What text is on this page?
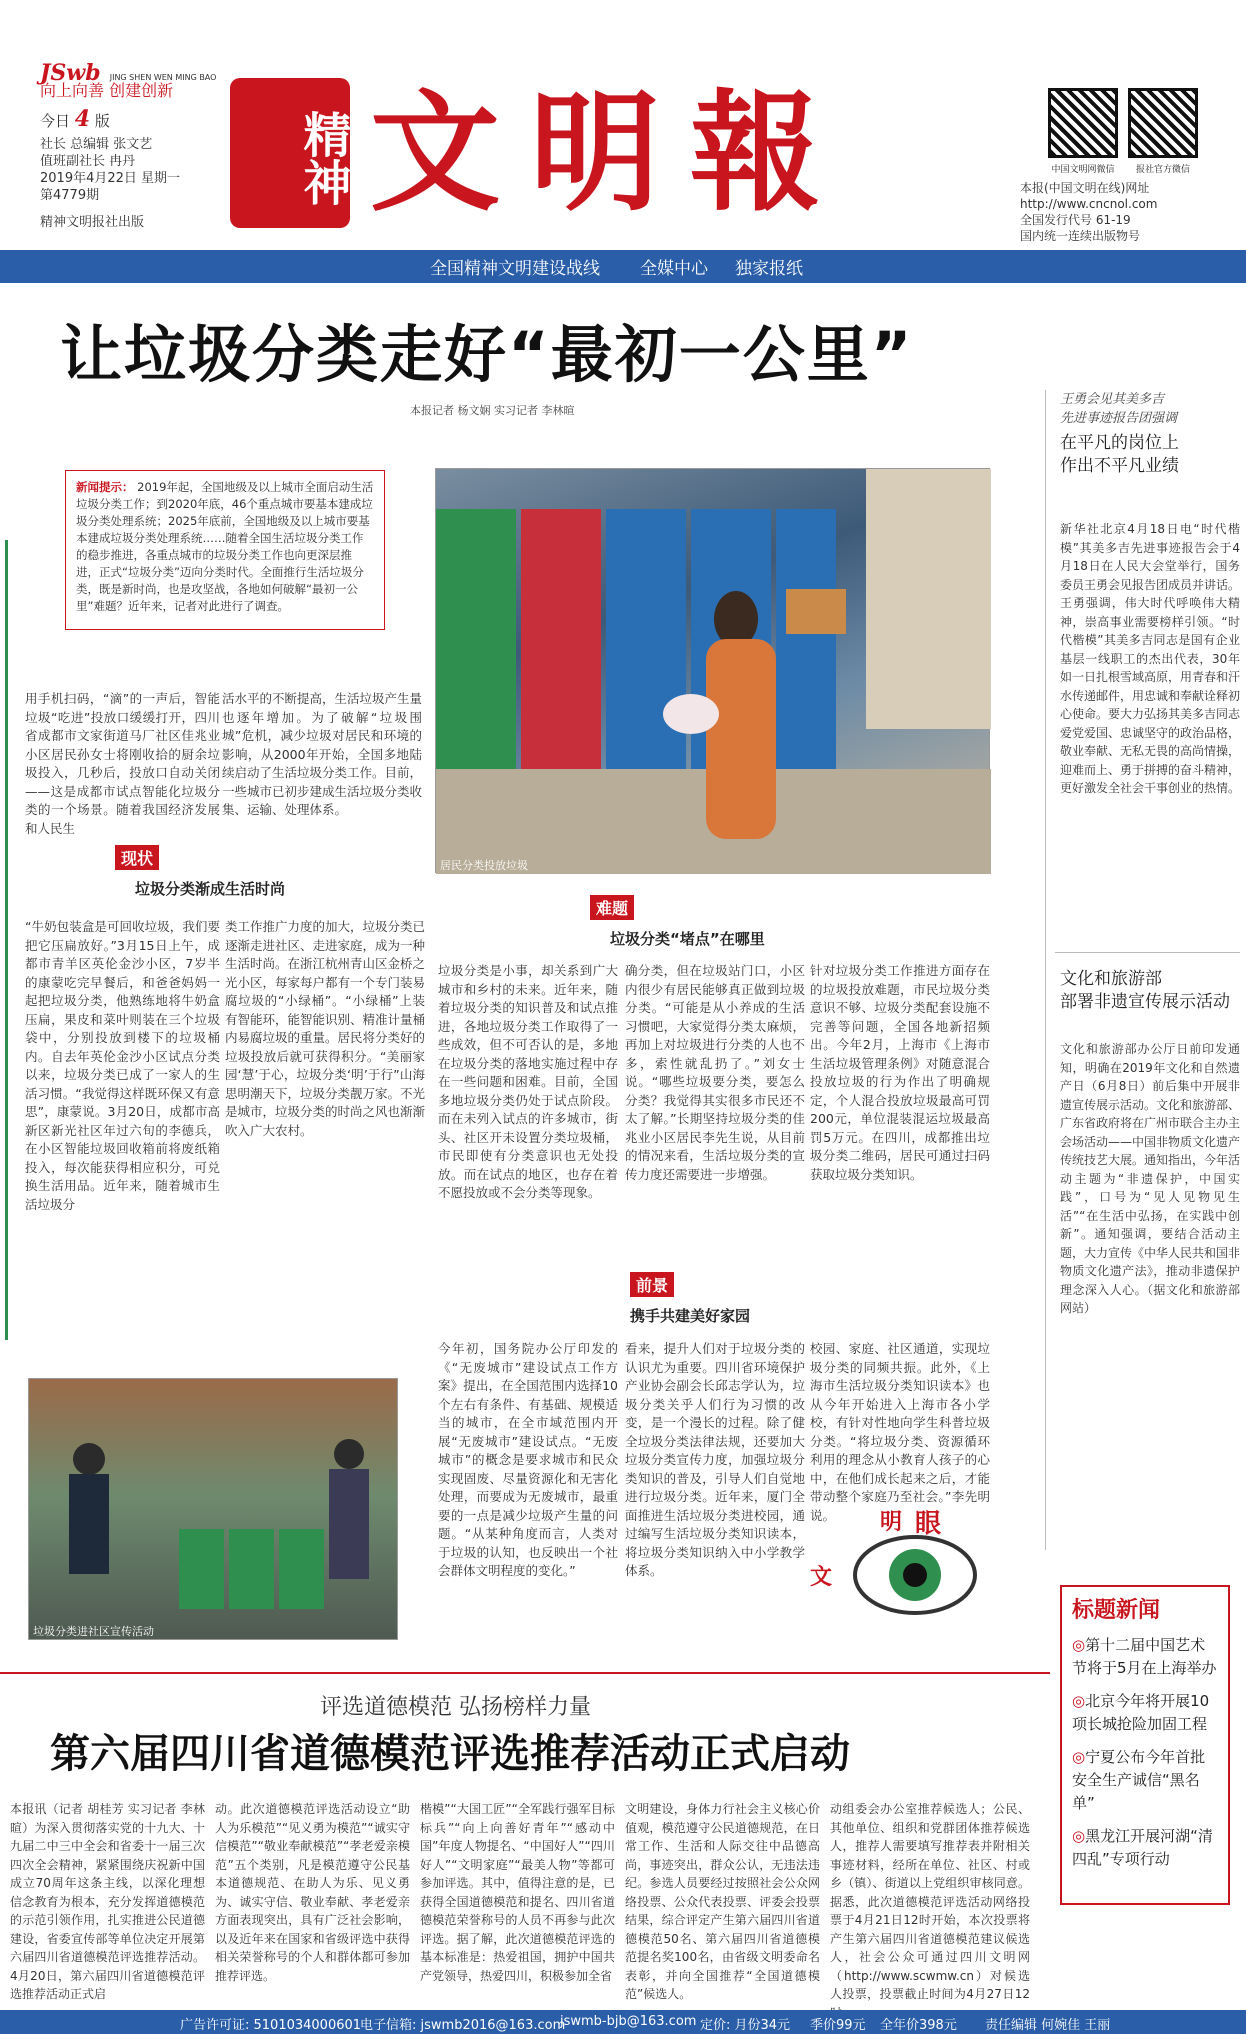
JSwb JING SHEN WEN MING BAO
向上向善 创建创新
今日 4 版
社长 总编辑 张文艺
值班副社长 冉丹
2019年4月22日 星期一
第4779期
精神文明报社出版
精神 文明報	中国文明网微信	报社官方微信
本报(中国文明在线)网址
http://www.cncnol.com
全国发行代号 61-19
国内统一连续出版物号
全国精神文明建设战线 全媒中心 独家报纸
让垃圾分类走好“最初一公里”
本报记者 杨文娴 实习记者 李林暄
新闻提示： 2019年起，全国地级及以上城市全面启动生活垃圾分类工作；到2020年底，46个重点城市要基本建成垃圾分类处理系统；2025年底前，全国地级及以上城市要基本建成垃圾分类处理系统……随着全国生活垃圾分类工作的稳步推进，各重点城市的垃圾分类工作也向更深层推进，正式“垃圾分类”迈向分类时代。全面推行生活垃圾分类，既是新时尚，也是攻坚战，各地如何破解“最初一公里”难题？近年来，记者对此进行了调查。
居民分类投放垃圾
用手机扫码，“滴”的一声后，智能垃圾“吃进”投放口缓缓打开，四川省成都市文家街道马厂社区佳兆业小区居民孙女士将刚收拾的厨余垃圾投入，几秒后，投放口自动关闭——这是成都市试点智能化垃圾分类的一个场景。随着我国经济发展和人民生
活水平的不断提高，生活垃圾产生量也逐年增加。为了破解“垃圾围城”危机，减少垃圾对居民和环境的影响，从2000年开始，全国多地陆续启动了生活垃圾分类工作。目前，一些城市已初步建成生活垃圾分类收集、运输、处理体系。
现状
垃圾分类渐成生活时尚
“牛奶包装盒是可回收垃圾，我们要把它压扁放好。”3月15日上午，成都市青羊区英伦金沙小区，7岁半的康蒙吃完早餐后，和爸爸妈妈一起把垃圾分类，他熟练地将牛奶盒压扁，果皮和菜叶则装在三个垃圾袋中，分别投放到楼下的垃圾桶内。自去年英伦金沙小区试点分类以来，垃圾分类已成了一家人的生活习惯。“我觉得这样既环保又有意思”，康蒙说。3月20日，成都市高新区新光社区年过六旬的李德兵，在小区智能垃圾回收箱前将废纸箱投入，每次能获得相应积分，可兑换生活用品。近年来，随着城市生活垃圾分
类工作推广力度的加大，垃圾分类已逐渐走进社区、走进家庭，成为一种生活时尚。在浙江杭州青山区金桥之光小区，每家每户都有一个专门装易腐垃圾的“小绿桶”。“小绿桶”上装有智能环，能智能识别、精准计量桶内易腐垃圾的重量。居民将分类好的垃圾投放后就可获得积分。“美丽家园‘慧’于心，垃圾分类‘明’于行”山海思明潮天下，垃圾分类靓万家。不光是城市，垃圾分类的时尚之风也渐渐吹入广大农村。
难题
垃圾分类“堵点”在哪里
垃圾分类是小事，却关系到广大城市和乡村的未来。近年来，随着垃圾分类的知识普及和试点推进，各地垃圾分类工作取得了一些成效，但不可否认的是，多地在垃圾分类的落地实施过程中存在一些问题和困难。目前，全国多地垃圾分类仍处于试点阶段。而在未列入试点的许多城市，街头、社区开未设置分类垃圾桶，市民即使有分类意识也无处投放。而在试点的地区，也存在着不愿投放或不会分类等现象。
确分类，但在垃圾站门口，小区内很少有居民能够真正做到垃圾分类。“可能是从小养成的生活习惯吧，大家觉得分类太麻烦，再加上对垃圾进行分类的人也不多，索性就乱扔了。”刘女士说。“哪些垃圾要分类，要怎么分类？我觉得其实很多市民还不太了解。”长期坚持垃圾分类的佳兆业小区居民李先生说，从目前的情况来看，生活垃圾分类的宣传力度还需要进一步增强。
针对垃圾分类工作推进方面存在的垃圾投放难题，市民垃圾分类意识不够、垃圾分类配套设施不完善等问题，全国各地新招频出。今年2月，上海市《上海市生活垃圾管理条例》对随意混合投放垃圾的行为作出了明确规定，个人混合投放垃圾最高可罚200元，单位混装混运垃圾最高罚5万元。在四川，成都推出垃圾分类二维码，居民可通过扫码获取垃圾分类知识。
前景
携手共建美好家园
垃圾分类进社区宣传活动
今年初，国务院办公厅印发的《“无废城市”建设试点工作方案》提出，在全国范围内选择10个左右有条件、有基础、规模适当的城市，在全市域范围内开展“无废城市”建设试点。“无废城市”的概念是要求城市和民众实现固废、尽量资源化和无害化处理，而要成为无废城市，最重要的一点是减少垃圾产生量的问题。“从某种角度而言，人类对于垃圾的认知，也反映出一个社会群体文明程度的变化。”
看来，提升人们对于垃圾分类的认识尤为重要。四川省环境保护产业协会副会长邱志学认为，垃圾分类关乎人们行为习惯的改变，是一个漫长的过程。除了健全垃圾分类法律法规，还要加大垃圾分类宣传力度，加强垃圾分类知识的普及，引导人们自觉地进行垃圾分类。近年来，厦门全面推进生活垃圾分类进校园，通过编写生活垃圾分类知识读本，将垃圾分类知识纳入中小学教学体系。
校园、家庭、社区通道，实现垃圾分类的同频共振。此外，《上海市生活垃圾分类知识读本》也从今年开始进入上海市各小学校，有针对性地向学生科普垃圾分类。“将垃圾分类、资源循环利用的理念从小教育人孩子的心中，在他们成长起来之后，才能带动整个家庭乃至社会。”李先明说。	明 眼
文
王勇会见其美多吉
先进事迹报告团强调
在平凡的岗位上
作出不平凡业绩
新华社北京4月18日电“时代楷模”其美多吉先进事迹报告会于4月18日在人民大会堂举行，国务委员王勇会见报告团成员并讲话。王勇强调，伟大时代呼唤伟大精神，崇高事业需要榜样引领。“时代楷模”其美多吉同志是国有企业基层一线职工的杰出代表，30年如一日扎根雪域高原，用青春和汗水传递邮件，用忠诚和奉献诠释初心使命。要大力弘扬其美多吉同志爱党爱国、忠诚坚守的政治品格，敬业奉献、无私无畏的高尚情操，迎难而上、勇于拼搏的奋斗精神，更好激发全社会干事创业的热情。
文化和旅游部
部署非遗宣传展示活动
文化和旅游部办公厅日前印发通知，明确在2019年文化和自然遗产日（6月8日）前后集中开展非遗宣传展示活动。文化和旅游部、广东省政府将在广州市联合主办主会场活动——中国非物质文化遗产传统技艺大展。通知指出，今年活动主题为“非遗保护，中国实践”，口号为“见人见物见生活”“在生活中弘扬，在实践中创新”。通知强调，要结合活动主题，大力宣传《中华人民共和国非物质文化遗产法》，推动非遗保护理念深入人心。（据文化和旅游部网站）
标题新闻
◎ 第十二届中国艺术节将于5月在上海举办
◎ 北京今年将开展10项长城抢险加固工程
◎ 宁夏公布今年首批安全生产诚信“黑名单”
◎ 黑龙江开展河湖“清四乱”专项行动
评选道德模范 弘扬榜样力量
第六届四川省道德模范评选推荐活动正式启动
本报讯（记者 胡桂芳 实习记者 李林暄）为深入贯彻落实党的十九大、十九届二中三中全会和省委十一届三次四次全会精神，紧紧围绕庆祝新中国成立70周年这条主线，以深化理想信念教育为根本，充分发挥道德模范的示范引领作用，扎实推进公民道德建设，省委宣传部等单位决定开展第六届四川省道德模范评选推荐活动。4月20日，第六届四川省道德模范评选推荐活动正式启
动。此次道德模范评选活动设立“助人为乐模范”“见义勇为模范”“诚实守信模范”“敬业奉献模范”“孝老爱亲模范”五个类别，凡是模范遵守公民基本道德规范、在助人为乐、见义勇为、诚实守信、敬业奉献、孝老爱亲方面表现突出，具有广泛社会影响，以及近年来在国家和省级评选中获得相关荣誉称号的个人和群体都可参加推荐评选。
楷模”“大国工匠”“全军践行强军目标标兵”“向上向善好青年”“感动中国”年度人物提名、“中国好人”“四川好人”“文明家庭”“最美人物”等都可参加评选。其中，值得注意的是，已获得全国道德模范和提名、四川省道德模范荣誉称号的人员不再参与此次评选。据了解，此次道德模范评选的基本标准是：热爱祖国，拥护中国共产党领导，热爱四川，积极参加全省
文明建设，身体力行社会主义核心价值观，模范遵守公民道德规范，在日常工作、生活和人际交往中品德高尚，事迹突出，群众公认，无违法违纪。参选人员要经过按照社会公众网络投票、公众代表投票、评委会投票结果，综合评定产生第六届四川省道德模范50名、第六届四川省道德模范提名奖100名，由省级文明委命名表彰，并向全国推荐“全国道德模范”候选人。
动组委会办公室推荐候选人；公民、其他单位、组织和党群团体推荐候选人，推荐人需要填写推荐表并附相关事迹材料，经所在单位、社区、村或乡（镇）、街道以上党组织审核同意。据悉，此次道德模范评选活动网络投票于4月21日12时开始，本次投票将产生第六届四川省道德模范建议候选人，社会公众可通过四川文明网（http://www.scwmw.cn）对候选人投票，投票截止时间为4月27日12
广告许可证: 5101034000601
电子信箱: jswmb2016@163.com
jswmb-bjb@163.com 定价: 月份34元 季价99元 全年价398元 责任编辑 何婉佳 王丽
